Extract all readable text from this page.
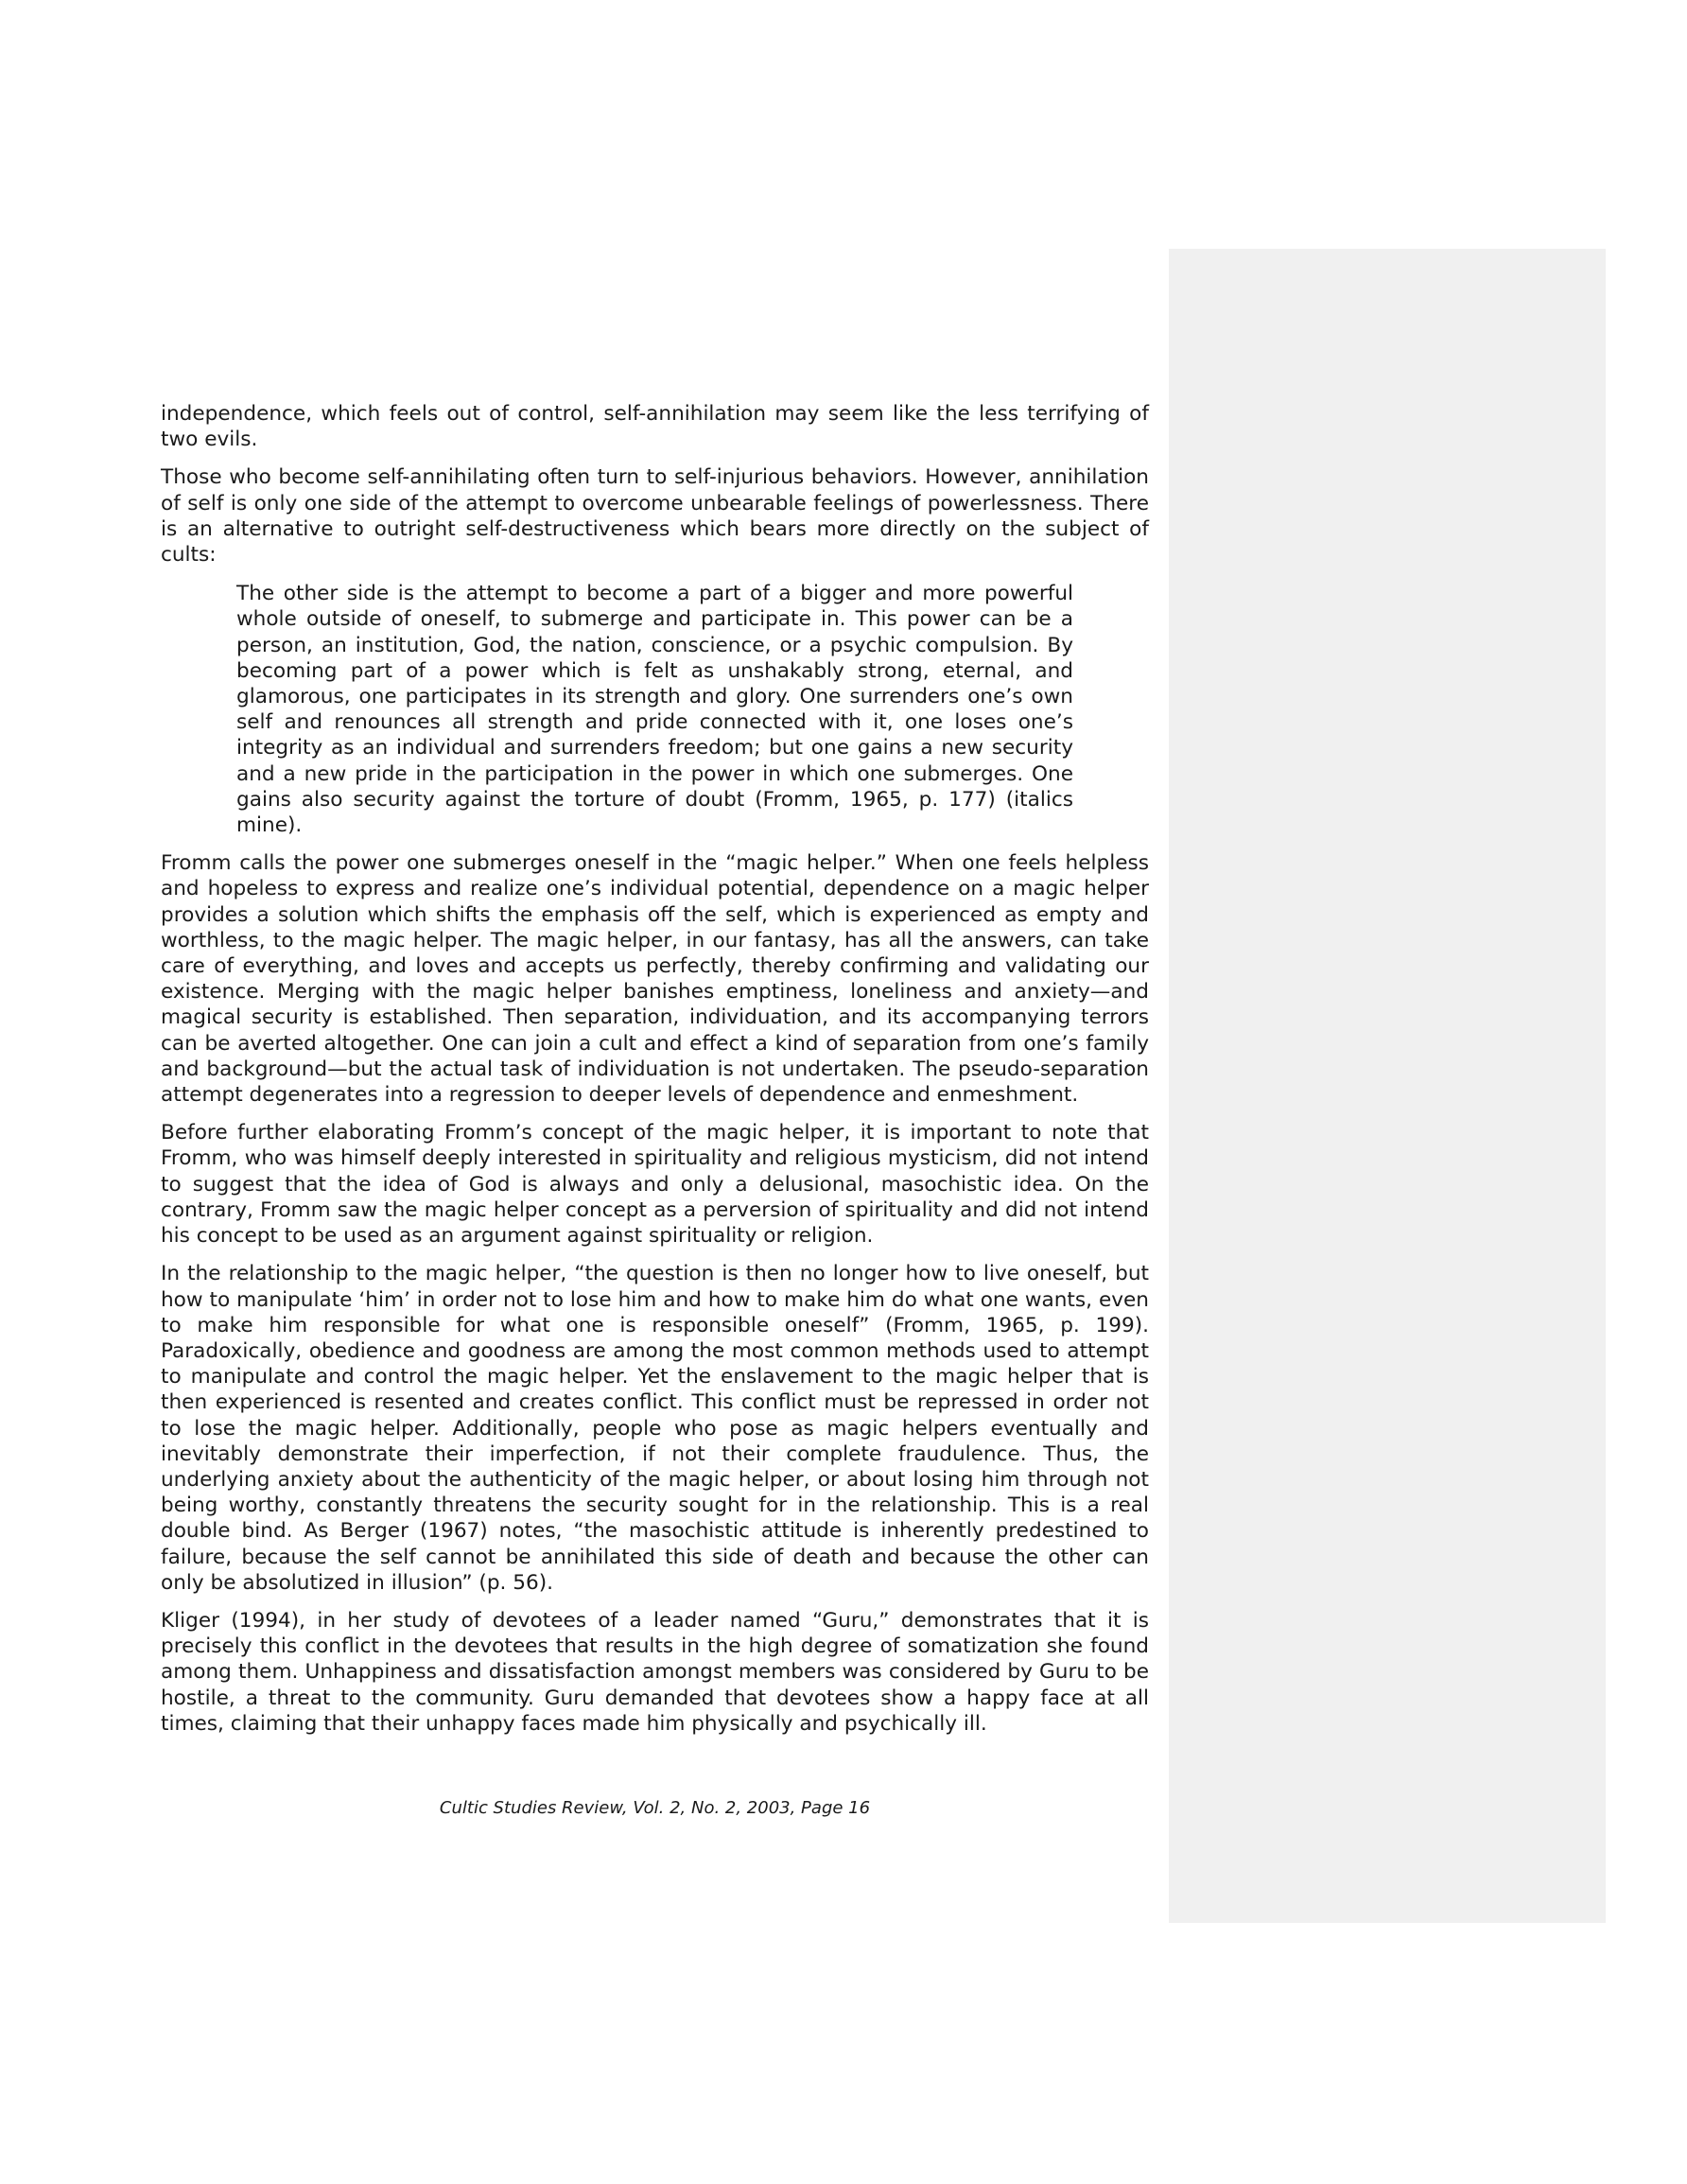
independence, which feels out of control, self-annihilation may seem like the less terrifying of two evils.

Those who become self-annihilating often turn to self-injurious behaviors. However, annihilation of self is only one side of the attempt to overcome unbearable feelings of powerlessness. There is an alternative to outright self-destructiveness which bears more directly on the subject of cults:

The other side is the attempt to become a part of a bigger and more powerful whole outside of oneself, to submerge and participate in. This power can be a person, an institution, God, the nation, conscience, or a psychic compulsion. By becoming part of a power which is felt as unshakably strong, eternal, and glamorous, one participates in its strength and glory. One surrenders one’s own self and renounces all strength and pride connected with it, one loses one’s integrity as an individual and surrenders freedom; but one gains a new security and a new pride in the participation in the power in which one submerges. One gains also security against the torture of doubt (Fromm, 1965, p. 177) (italics mine).

Fromm calls the power one submerges oneself in the “magic helper.” When one feels helpless and hopeless to express and realize one’s individual potential, dependence on a magic helper provides a solution which shifts the emphasis off the self, which is experienced as empty and worthless, to the magic helper. The magic helper, in our fantasy, has all the answers, can take care of everything, and loves and accepts us perfectly, thereby confirming and validating our existence. Merging with the magic helper banishes emptiness, loneliness and anxiety—and magical security is established. Then separation, individuation, and its accompanying terrors can be averted altogether. One can join a cult and effect a kind of separation from one’s family and background—but the actual task of individuation is not undertaken. The pseudo-separation attempt degenerates into a regression to deeper levels of dependence and enmeshment.

Before further elaborating Fromm’s concept of the magic helper, it is important to note that Fromm, who was himself deeply interested in spirituality and religious mysticism, did not intend to suggest that the idea of God is always and only a delusional, masochistic idea. On the contrary, Fromm saw the magic helper concept as a perversion of spirituality and did not intend his concept to be used as an argument against spirituality or religion.

In the relationship to the magic helper, “the question is then no longer how to live oneself, but how to manipulate ‘him’ in order not to lose him and how to make him do what one wants, even to make him responsible for what one is responsible oneself” (Fromm, 1965, p. 199). Paradoxically, obedience and goodness are among the most common methods used to attempt to manipulate and control the magic helper. Yet the enslavement to the magic helper that is then experienced is resented and creates conflict. This conflict must be repressed in order not to lose the magic helper. Additionally, people who pose as magic helpers eventually and inevitably demonstrate their imperfection, if not their complete fraudulence. Thus, the underlying anxiety about the authenticity of the magic helper, or about losing him through not being worthy, constantly threatens the security sought for in the relationship. This is a real double bind. As Berger (1967) notes, “the masochistic attitude is inherently predestined to failure, because the self cannot be annihilated this side of death and because the other can only be absolutized in illusion” (p. 56).

Kliger (1994), in her study of devotees of a leader named “Guru,” demonstrates that it is precisely this conflict in the devotees that results in the high degree of somatization she found among them. Unhappiness and dissatisfaction amongst members was considered by Guru to be hostile, a threat to the community. Guru demanded that devotees show a happy face at all times, claiming that their unhappy faces made him physically and psychically ill.

Cultic Studies Review, Vol. 2, No. 2, 2003, Page 16
